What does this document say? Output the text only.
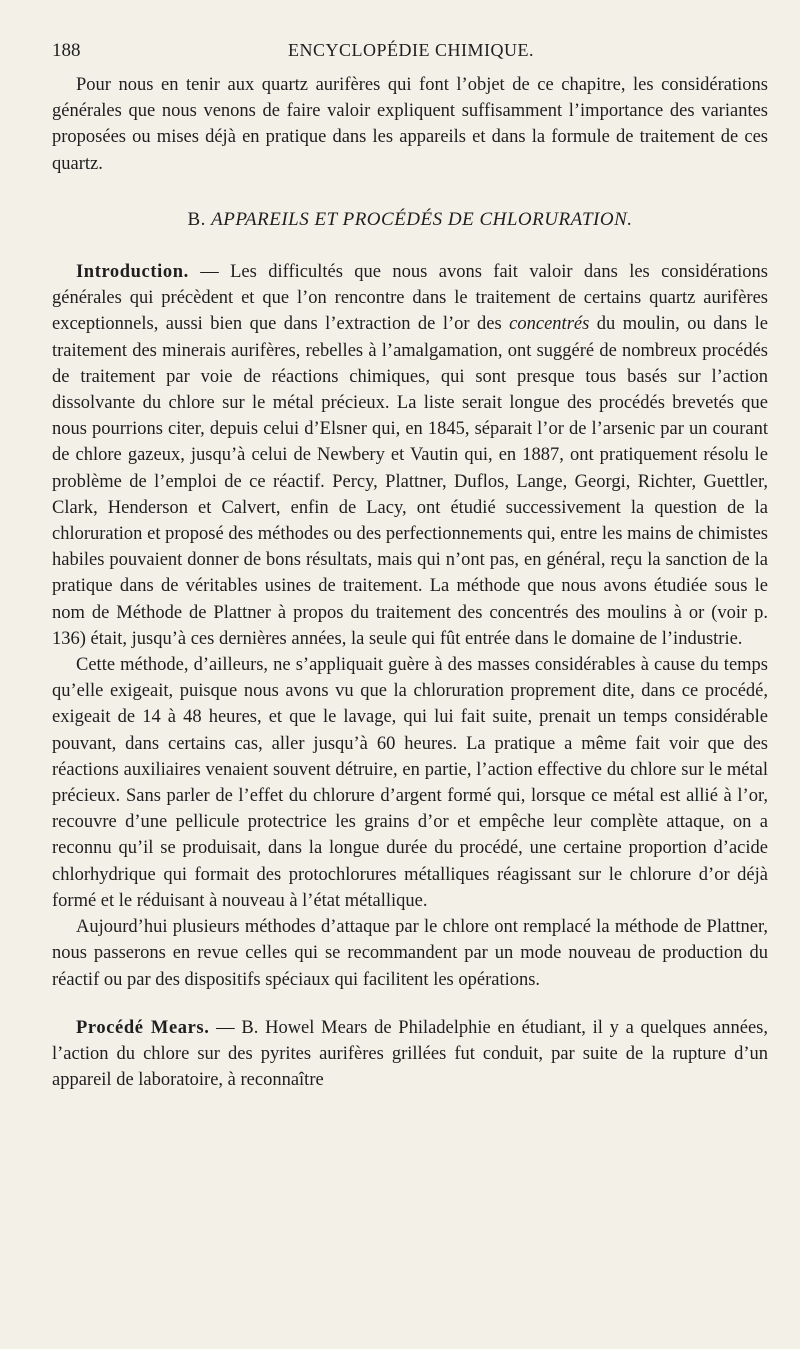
188	ENCYCLOPÉDIE CHIMIQUE.

Pour nous en tenir aux quartz aurifères qui font l’objet de ce chapitre, les considérations générales que nous venons de faire valoir expliquent suffisamment l’importance des variantes proposées ou mises déjà en pratique dans les appareils et dans la formule de traitement de ces quartz.

B. APPAREILS ET PROCÉDÉS DE CHLORURATION.

Introduction. — Les difficultés que nous avons fait valoir dans les considérations générales qui précèdent et que l’on rencontre dans le traitement de certains quartz aurifères exceptionnels, aussi bien que dans l’extraction de l’or des concentrés du moulin, ou dans le traitement des minerais aurifères, rebelles à l’amalgamation, ont suggéré de nombreux procédés de traitement par voie de réactions chimiques, qui sont presque tous basés sur l’action dissolvante du chlore sur le métal précieux. La liste serait longue des procédés brevetés que nous pourrions citer, depuis celui d’Elsner qui, en 1845, séparait l’or de l’arsenic par un courant de chlore gazeux, jusqu’à celui de Newbery et Vautin qui, en 1887, ont pratiquement résolu le problème de l’emploi de ce réactif. Percy, Plattner, Duflos, Lange, Georgi, Richter, Guettler, Clark, Henderson et Calvert, enfin de Lacy, ont étudié successivement la question de la chloruration et proposé des méthodes ou des perfectionnements qui, entre les mains de chimistes habiles pouvaient donner de bons résultats, mais qui n’ont pas, en général, reçu la sanction de la pratique dans de véritables usines de traitement. La méthode que nous avons étudiée sous le nom de Méthode de Plattner à propos du traitement des concentrés des moulins à or (voir p. 136) était, jusqu’à ces dernières années, la seule qui fût entrée dans le domaine de l’industrie.

Cette méthode, d’ailleurs, ne s’appliquait guère à des masses considérables à cause du temps qu’elle exigeait, puisque nous avons vu que la chloruration proprement dite, dans ce procédé, exigeait de 14 à 48 heures, et que le lavage, qui lui fait suite, prenait un temps considérable pouvant, dans certains cas, aller jusqu’à 60 heures. La pratique a même fait voir que des réactions auxiliaires venaient souvent détruire, en partie, l’action effective du chlore sur le métal précieux. Sans parler de l’effet du chlorure d’argent formé qui, lorsque ce métal est allié à l’or, recouvre d’une pellicule protectrice les grains d’or et empêche leur complète attaque, on a reconnu qu’il se produisait, dans la longue durée du procédé, une certaine proportion d’acide chlorhydrique qui formait des protochlorures métalliques réagissant sur le chlorure d’or déjà formé et le réduisant à nouveau à l’état métallique.

Aujourd’hui plusieurs méthodes d’attaque par le chlore ont remplacé la méthode de Plattner, nous passerons en revue celles qui se recommandent par un mode nouveau de production du réactif ou par des dispositifs spéciaux qui facilitent les opérations.

Procédé Mears. — B. Howel Mears de Philadelphie en étudiant, il y a quelques années, l’action du chlore sur des pyrites aurifères grillées fut conduit, par suite de la rupture d’un appareil de laboratoire, à reconnaître
